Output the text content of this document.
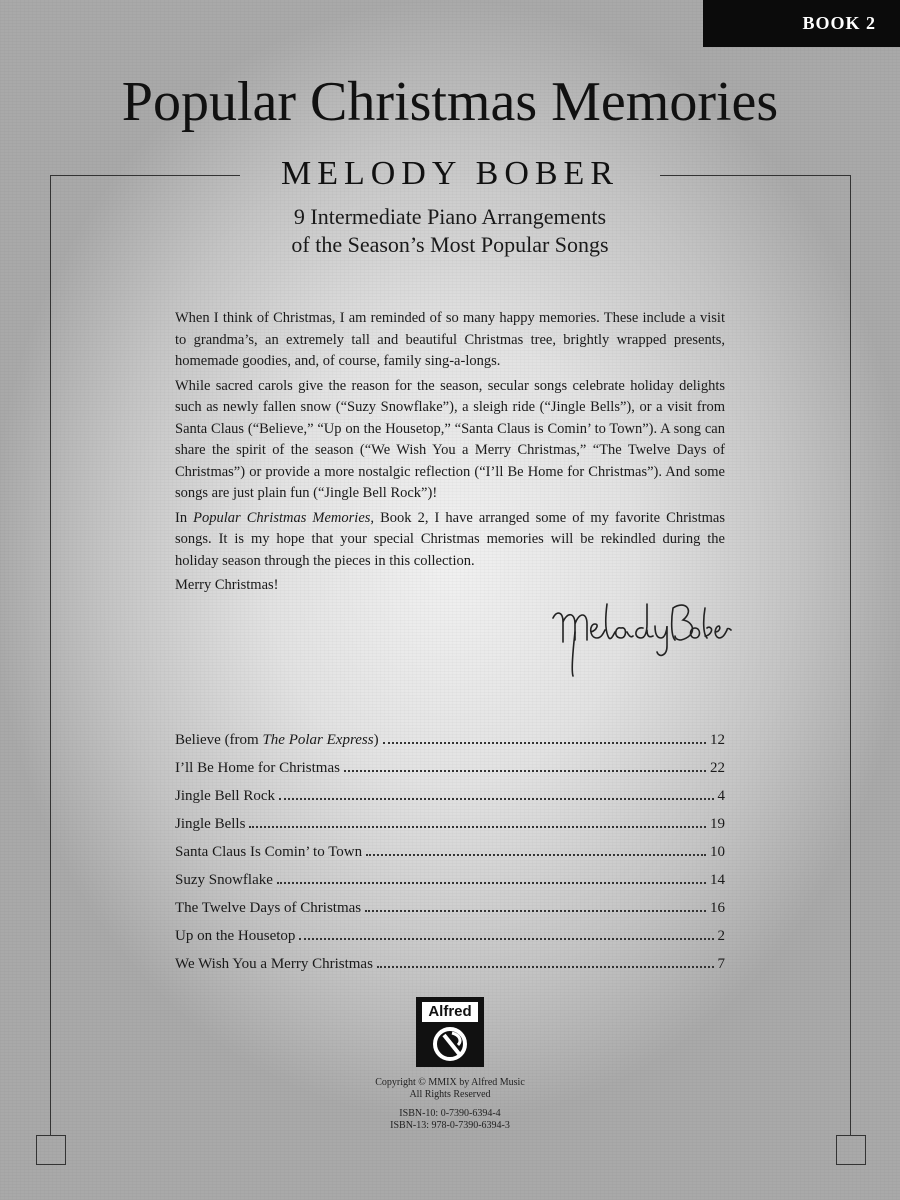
BOOK 2
Popular Christmas Memories
MELODY BOBER
9 Intermediate Piano Arrangements
of the Season’s Most Popular Songs

When I think of Christmas, I am reminded of so many happy memories. These include a visit to grandma’s, an extremely tall and beautiful Christmas tree, brightly wrapped presents, homemade goodies, and, of course, family sing-a-longs.

While sacred carols give the reason for the season, secular songs celebrate holiday delights such as newly fallen snow (“Suzy Snowflake”), a sleigh ride (“Jingle Bells”), or a visit from Santa Claus (“Believe,” “Up on the Housetop,” “Santa Claus is Comin’ to Town”). A song can share the spirit of the season (“We Wish You a Merry Christmas,” “The Twelve Days of Christmas”) or provide a more nostalgic reflection (“I’ll Be Home for Christmas”). And some songs are just plain fun (“Jingle Bell Rock”)!

In Popular Christmas Memories, Book 2, I have arranged some of my favorite Christmas songs. It is my hope that your special Christmas memories will be rekindled during the holiday season through the pieces in this collection.

Merry Christmas!

Believe (from The Polar Express)	12
I’ll Be Home for Christmas	22
Jingle Bell Rock	4
Jingle Bells	19
Santa Claus Is Comin’ to Town	10
Suzy Snowflake	14
The Twelve Days of Christmas	16
Up on the Housetop	2
We Wish You a Merry Christmas	7
Alfred
Copyright © MMIX by Alfred Music
All Rights Reserved
ISBN-10: 0-7390-6394-4
ISBN-13: 978-0-7390-6394-3
